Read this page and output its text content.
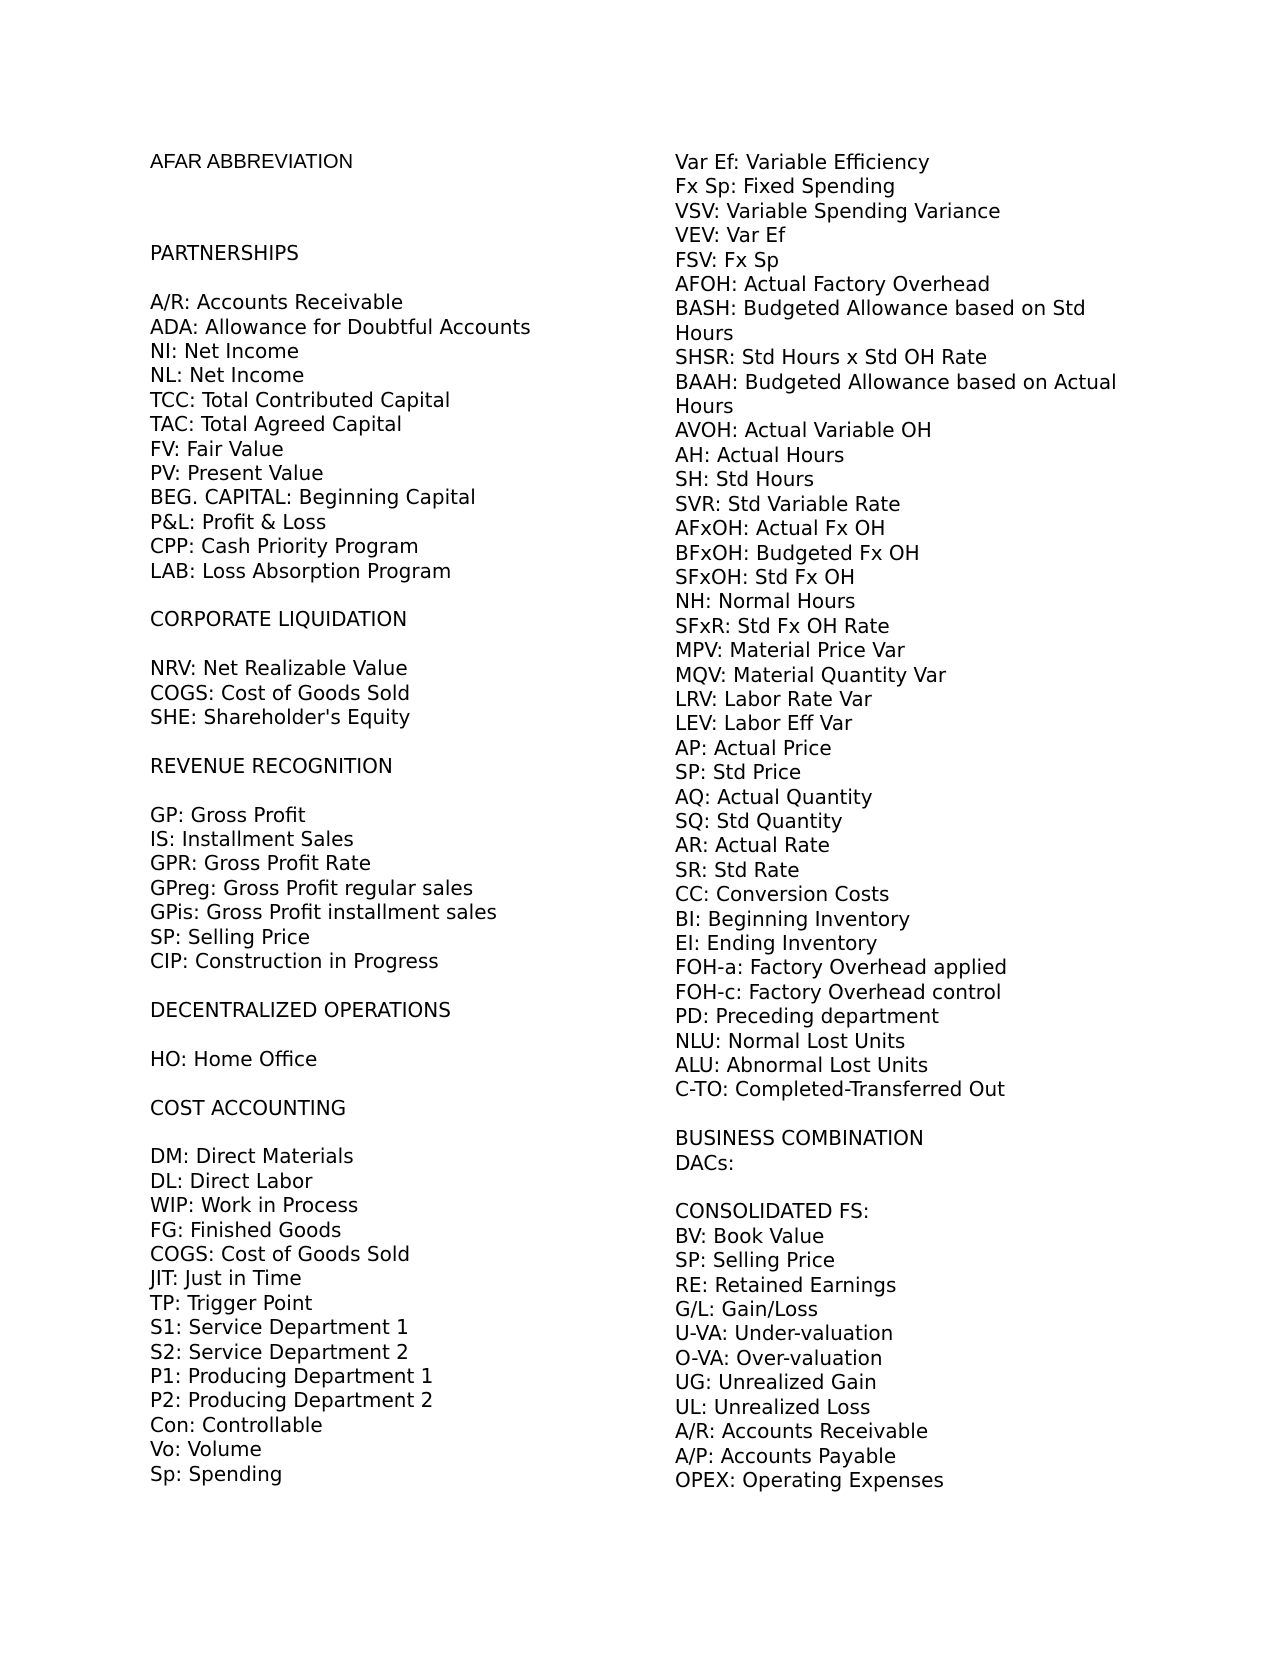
AFAR ABBREVIATION
PARTNERSHIPS
A/R: Accounts Receivable
ADA: Allowance for Doubtful Accounts
NI: Net Income
NL: Net Income
TCC: Total Contributed Capital
TAC: Total Agreed Capital
FV: Fair Value
PV: Present Value
BEG. CAPITAL: Beginning Capital
P&L: Profit & Loss
CPP: Cash Priority Program
LAB: Loss Absorption Program
CORPORATE LIQUIDATION
NRV: Net Realizable Value
COGS: Cost of Goods Sold
SHE: Shareholder's Equity
REVENUE RECOGNITION
GP: Gross Profit
IS: Installment Sales
GPR: Gross Profit Rate
GPreg: Gross Profit regular sales
GPis: Gross Profit installment sales
SP: Selling Price
CIP: Construction in Progress
DECENTRALIZED OPERATIONS
HO: Home Office
COST ACCOUNTING
DM: Direct Materials
DL: Direct Labor
WIP: Work in Process
FG: Finished Goods
COGS: Cost of Goods Sold
JIT: Just in Time
TP: Trigger Point
S1: Service Department 1
S2: Service Department 2
P1: Producing Department 1
P2: Producing Department 2
Con: Controllable
Vo: Volume
Sp: Spending
Var Ef: Variable Efficiency
Fx Sp: Fixed Spending
VSV: Variable Spending Variance
VEV: Var Ef
FSV: Fx Sp
AFOH: Actual Factory Overhead
BASH: Budgeted Allowance based on Std Hours
SHSR: Std Hours x Std OH Rate
BAAH: Budgeted Allowance based on Actual Hours
AVOH: Actual Variable OH
AH: Actual Hours
SH: Std Hours
SVR: Std Variable Rate
AFxOH: Actual Fx OH
BFxOH: Budgeted Fx OH
SFxOH: Std Fx OH
NH: Normal Hours
SFxR: Std Fx OH Rate
MPV: Material Price Var
MQV: Material Quantity Var
LRV: Labor Rate Var
LEV: Labor Eff Var
AP: Actual Price
SP: Std Price
AQ: Actual Quantity
SQ: Std Quantity
AR: Actual Rate
SR: Std Rate
CC: Conversion Costs
BI: Beginning Inventory
EI: Ending Inventory
FOH-a: Factory Overhead applied
FOH-c: Factory Overhead control
PD: Preceding department
NLU: Normal Lost Units
ALU: Abnormal Lost Units
C-TO: Completed-Transferred Out
BUSINESS COMBINATION
DACs:
CONSOLIDATED FS:
BV: Book Value
SP: Selling Price
RE: Retained Earnings
G/L: Gain/Loss
U-VA: Under-valuation
O-VA: Over-valuation
UG: Unrealized Gain
UL: Unrealized Loss
A/R: Accounts Receivable
A/P: Accounts Payable
OPEX: Operating Expenses
